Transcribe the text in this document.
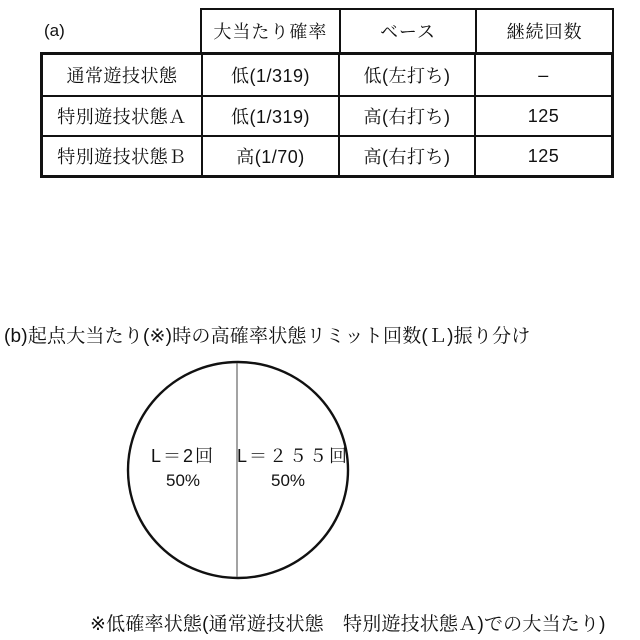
(a)	大当たり確率	ベース	継続回数
通常遊技状態	低(1/319)	低(左打ち)	–
特別遊技状態Ａ	低(1/319)	高(右打ち)	125
特別遊技状態Ｂ	高(1/70)	高(右打ち)	125
(b)起点大当たり(※)時の高確率状態リミット回数(Ｌ)振り分け
L＝2回
50%
L＝２５５回
50%
※低確率状態(通常遊技状態　特別遊技状態Ａ)での大当たり)
